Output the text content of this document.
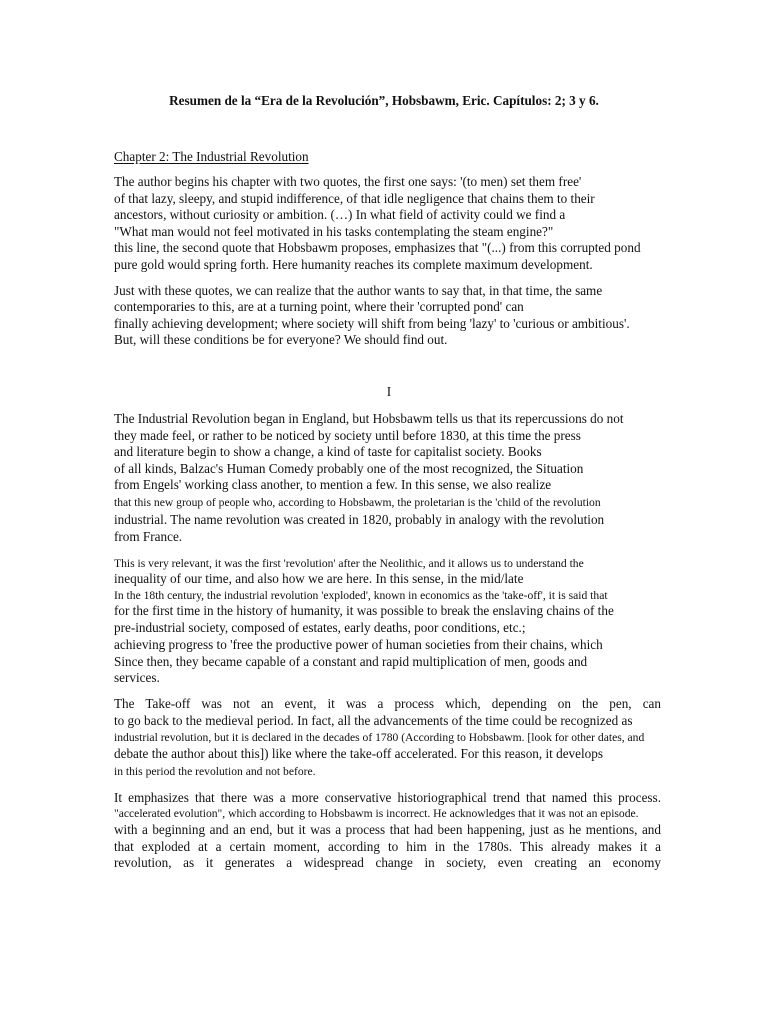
Resumen de la “Era de la Revolución”, Hobsbawm, Eric. Capítulos: 2; 3 y 6.
Chapter 2: The Industrial Revolution
The author begins his chapter with two quotes, the first one says: '(to men) set them free'
of that lazy, sleepy, and stupid indifference, of that idle negligence that chains them to their
ancestors, without curiosity or ambition. (…) In what field of activity could we find a
"What man would not feel motivated in his tasks contemplating the steam engine?"
this line, the second quote that Hobsbawm proposes, emphasizes that "(...) from this corrupted pond
pure gold would spring forth. Here humanity reaches its complete maximum development.
Just with these quotes, we can realize that the author wants to say that, in that time, the same
contemporaries to this, are at a turning point, where their 'corrupted pond' can
finally achieving development; where society will shift from being 'lazy' to 'curious or ambitious'.
But, will these conditions be for everyone? We should find out.
I
The Industrial Revolution began in England, but Hobsbawm tells us that its repercussions do not
they made feel, or rather to be noticed by society until before 1830, at this time the press
and literature begin to show a change, a kind of taste for capitalist society. Books
of all kinds, Balzac's Human Comedy probably one of the most recognized, the Situation
from Engels' working class another, to mention a few. In this sense, we also realize
that this new group of people who, according to Hobsbawm, the proletarian is the 'child of the revolution
industrial. The name revolution was created in 1820, probably in analogy with the revolution
from France.
This is very relevant, it was the first 'revolution' after the Neolithic, and it allows us to understand the
inequality of our time, and also how we are here. In this sense, in the mid/late
In the 18th century, the industrial revolution 'exploded', known in economics as the 'take-off', it is said that
for the first time in the history of humanity, it was possible to break the enslaving chains of the
pre-industrial society, composed of estates, early deaths, poor conditions, etc.;
achieving progress to 'free the productive power of human societies from their chains, which
Since then, they became capable of a constant and rapid multiplication of men, goods and
services.
The Take-off was not an event, it was a process which, depending on the pen, can
to go back to the medieval period. In fact, all the advancements of the time could be recognized as
industrial revolution, but it is declared in the decades of 1780 (According to Hobsbawm. [look for other dates, and
debate the author about this]) like where the take-off accelerated. For this reason, it develops
in this period the revolution and not before.
It emphasizes that there was a more conservative historiographical trend that named this process.
"accelerated evolution", which according to Hobsbawm is incorrect. He acknowledges that it was not an episode.
with a beginning and an end, but it was a process that had been happening, just as he mentions, and
that exploded at a certain moment, according to him in the 1780s. This already makes it a
revolution, as it generates a widespread change in society, even creating an economy
